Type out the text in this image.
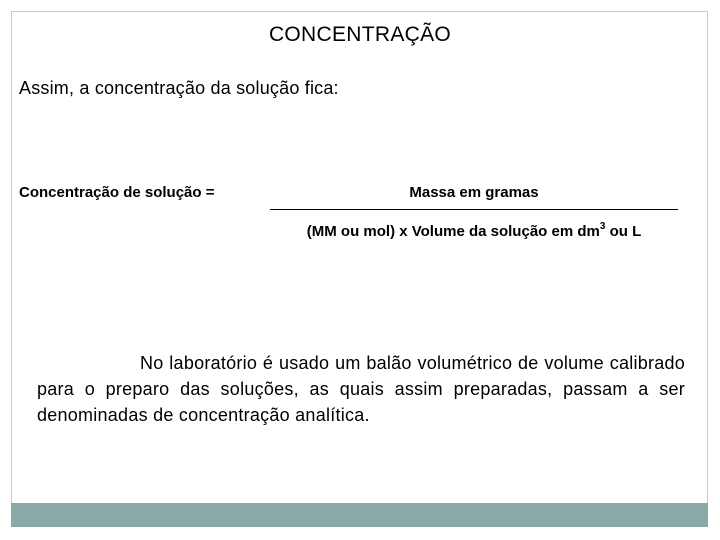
CONCENTRAÇÃO
Assim, a concentração da solução fica:
Concentração de solução =	Massa em gramas
(MM ou mol) x Volume da solução em $dm^3$ ou L
No laboratório é usado um balão volumétrico de volume calibrado para o preparo das soluções, as quais assim preparadas, passam a ser denominadas de concentração analítica.
